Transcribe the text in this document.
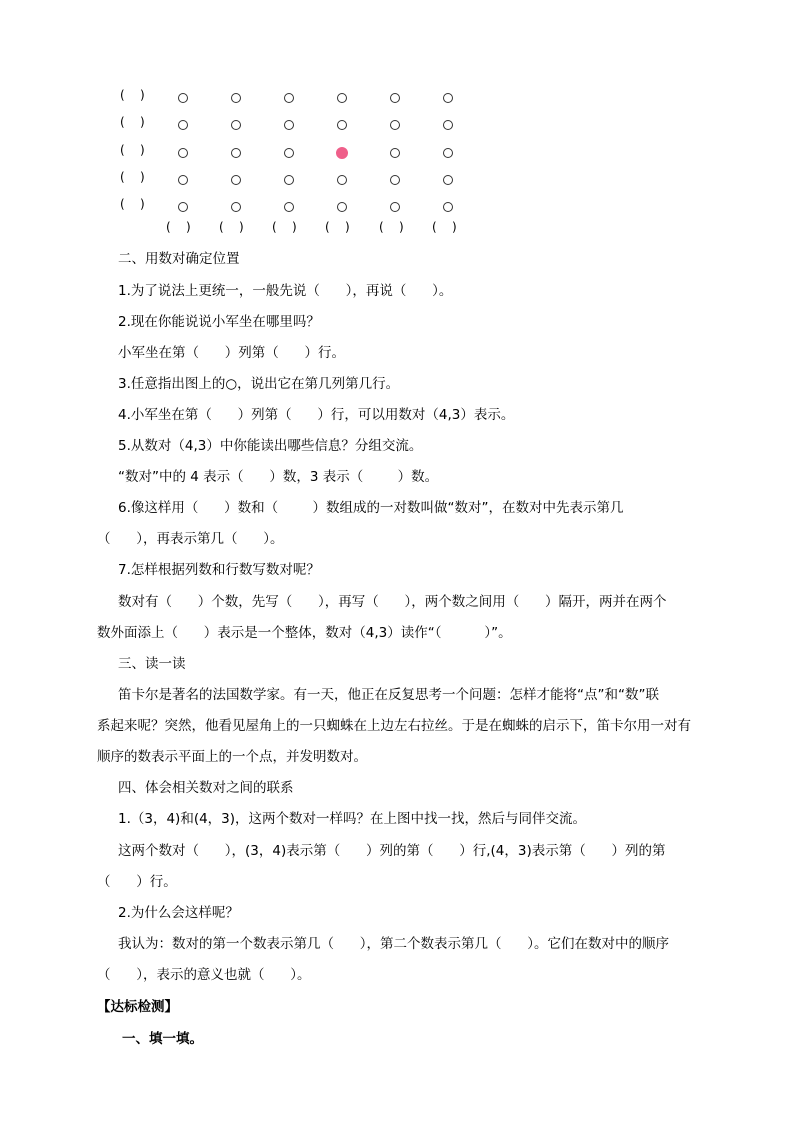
(    )
(    )
(    )
(    )
(    )
(    ) (    ) (    ) (    ) (    ) (    )
二、用数对确定位置
1.为了说法上更统一，一般先说（      ），再说（      ）。
2.现在你能说说小军坐在哪里吗？
小军坐在第（      ）列第（      ）行。
3.任意指出图上的○，说出它在第几列第几行。
4.小军坐在第（      ）列第（      ）行，可以用数对（4,3）表示。
5.从数对（4,3）中你能读出哪些信息？分组交流。
“数对”中的 4 表示（      ）数，3 表示（        ）数。
6.像这样用（      ）数和（        ）数组成的一对数叫做“数对”，在数对中先表示第几
（      ），再表示第几（      ）。
7.怎样根据列数和行数写数对呢？
数对有（      ）个数，先写（      ），再写（      ），两个数之间用（      ）隔开，两并在两个
数外面添上（      ）表示是一个整体，数对（4,3）读作“（          ）”。
三、读一读
笛卡尔是著名的法国数学家。有一天，他正在反复思考一个问题：怎样才能将“点”和“数”联
系起来呢？突然，他看见屋角上的一只蜘蛛在上边左右拉丝。于是在蜘蛛的启示下，笛卡尔用一对有
顺序的数表示平面上的一个点，并发明数对。
四、体会相关数对之间的联系
1.（3，4)和(4，3)，这两个数对一样吗？在上图中找一找，然后与同伴交流。
这两个数对（      ），(3，4)表示第（      ）列的第（      ）行,(4，3)表示第（      ）列的第
（      ）行。
2.为什么会这样呢？
我认为：数对的第一个数表示第几（      ），第二个数表示第几（      ）。它们在数对中的顺序
（      ），表示的意义也就（      ）。
【达标检测】
一、填一填。
